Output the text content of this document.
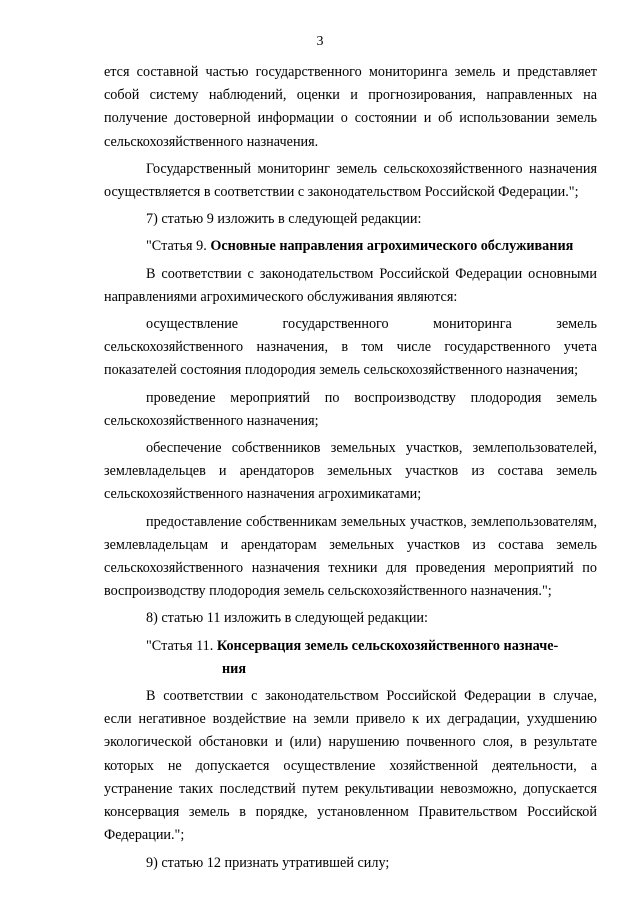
3

ется составной частью государственного мониторинга земель и представляет собой систему наблюдений, оценки и прогнозирования, направленных на получение достоверной информации о состоянии и об использовании земель сельскохозяйственного назначения.

Государственный мониторинг земель сельскохозяйственного назначения осуществляется в соответствии с законодательством Российской Федерации.";

7) статью 9 изложить в следующей редакции:

"Статья 9. Основные направления агрохимического обслуживания

В соответствии с законодательством Российской Федерации основными направлениями агрохимического обслуживания являются:

осуществление государственного мониторинга земель сельскохозяйственного назначения, в том числе государственного учета показателей состояния плодородия земель сельскохозяйственного назначения;

проведение мероприятий по воспроизводству плодородия земель сельскохозяйственного назначения;

обеспечение собственников земельных участков, землепользователей, землевладельцев и арендаторов земельных участков из состава земель сельскохозяйственного назначения агрохимикатами;

предоставление собственникам земельных участков, землепользователям, землевладельцам и арендаторам земельных участков из состава земель сельскохозяйственного назначения техники для проведения мероприятий по воспроизводству плодородия земель сельскохозяйственного назначения.";

8) статью 11 изложить в следующей редакции:

"Статья 11. Консервация земель сельскохозяйственного назначе-

ния

В соответствии с законодательством Российской Федерации в случае, если негативное воздействие на земли привело к их деградации, ухудшению экологической обстановки и (или) нарушению почвенного слоя, в результате которых не допускается осуществление хозяйственной деятельности, а устранение таких последствий путем рекультивации невозможно, допускается консервация земель в порядке, установленном Правительством Российской Федерации.";

9) статью 12 признать утратившей силу;
